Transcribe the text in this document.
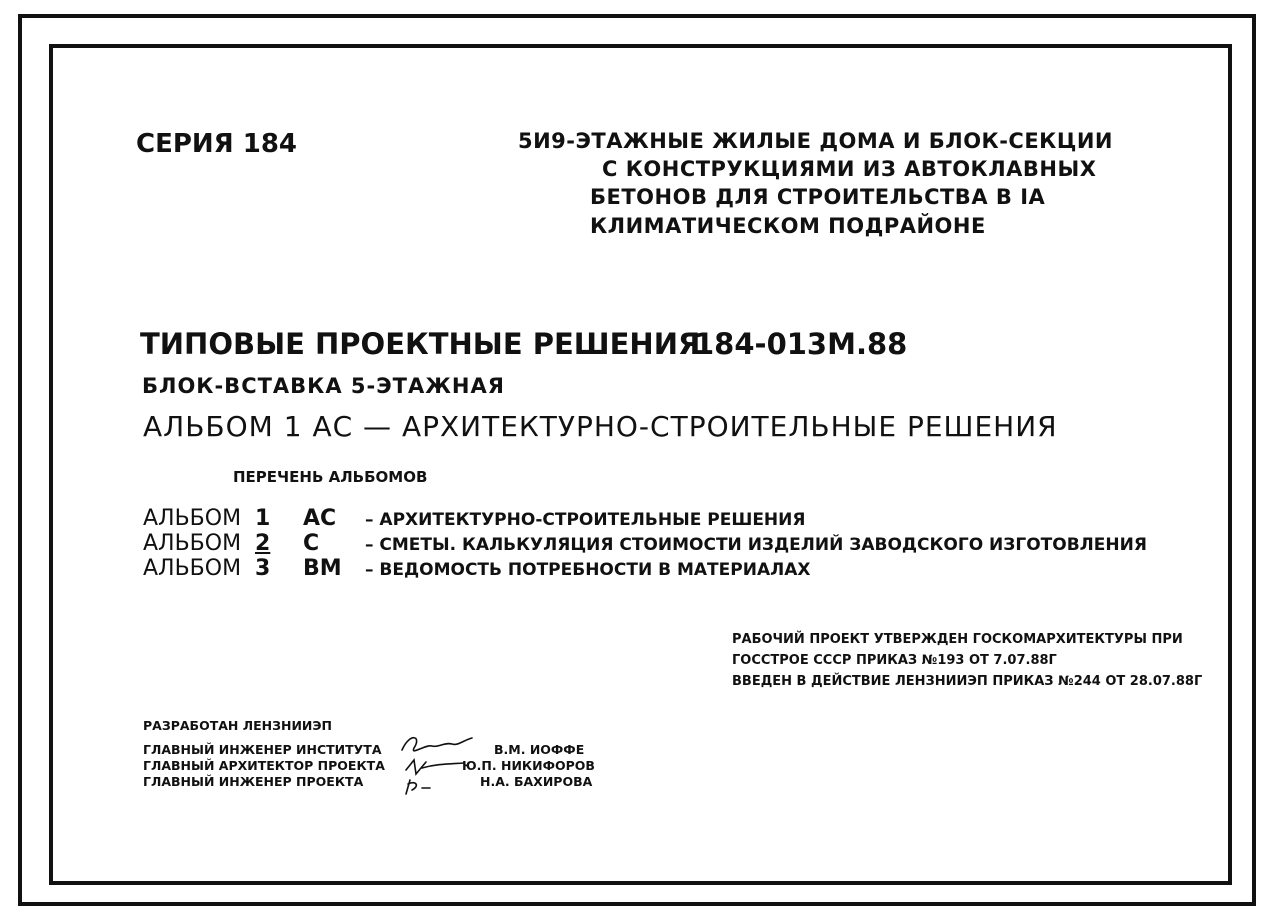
СЕРИЯ 184	5И9-ЭТАЖНЫЕ ЖИЛЫЕ ДОМА И БЛОК-СЕКЦИИ
С КОНСТРУКЦИЯМИ ИЗ АВТОКЛАВНЫХ
БЕТОНОВ ДЛЯ СТРОИТЕЛЬСТВА В IА
КЛИМАТИЧЕСКОМ ПОДРАЙОНЕ
ТИПОВЫЕ ПРОЕКТНЫЕ РЕШЕНИЯ
184-013М.88
БЛОК-ВСТАВКА 5-ЭТАЖНАЯ
АЛЬБОМ 1 АС — АРХИТЕКТУРНО-СТРОИТЕЛЬНЫЕ РЕШЕНИЯ
ПЕРЕЧЕНЬ АЛЬБОМОВ
АЛЬБОМ 1 АС – АРХИТЕКТУРНО-СТРОИТЕЛЬНЫЕ РЕШЕНИЯ
АЛЬБОМ 2 С	– СМЕТЫ. КАЛЬКУЛЯЦИЯ СТОИМОСТИ ИЗДЕЛИЙ ЗАВОДСКОГО ИЗГОТОВЛЕНИЯ
АЛЬБОМ 3 ВМ – ВЕДОМОСТЬ ПОТРЕБНОСТИ В МАТЕРИАЛАХ
РАБОЧИЙ ПРОЕКТ УТВЕРЖДЕН ГОСКОМАРХИТЕКТУРЫ ПРИ
ГОССТРОЕ СССР ПРИКАЗ №193 ОТ 7.07.88Г
ВВЕДЕН В ДЕЙСТВИЕ ЛЕНЗНИИЭП ПРИКАЗ №244 ОТ 28.07.88Г
РАЗРАБОТАН ЛЕНЗНИИЭП
ГЛАВНЫЙ ИНЖЕНЕР ИНСТИТУТА
ГЛАВНЫЙ АРХИТЕКТОР ПРОЕКТА
ГЛАВНЫЙ ИНЖЕНЕР ПРОЕКТА
В.М. ИОФФЕ
Ю.П. НИКИФОРОВ
Н.А. БАХИРОВА
